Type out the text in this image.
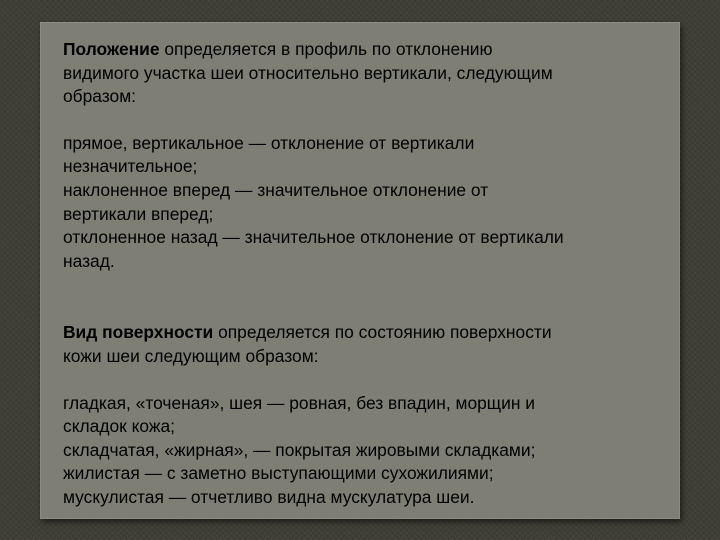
Положение определяется в профиль по отклонению
видимого участка шеи относительно вертикали, следующим
образом:

прямое, вертикальное — отклонение от вертикали
незначительное;
наклоненное вперед — значительное отклонение от
вертикали вперед;
отклоненное назад — значительное отклонение от вертикали
назад.

Вид поверхности определяется по состоянию поверхности
кожи шеи следующим образом:

гладкая, «точеная», шея — ровная, без впадин, морщин и
складок кожа;
складчатая, «жирная», — покрытая жировыми складками;
жилистая — с заметно выступающими сухожилиями;
мускулистая — отчетливо видна мускулатура шеи.
